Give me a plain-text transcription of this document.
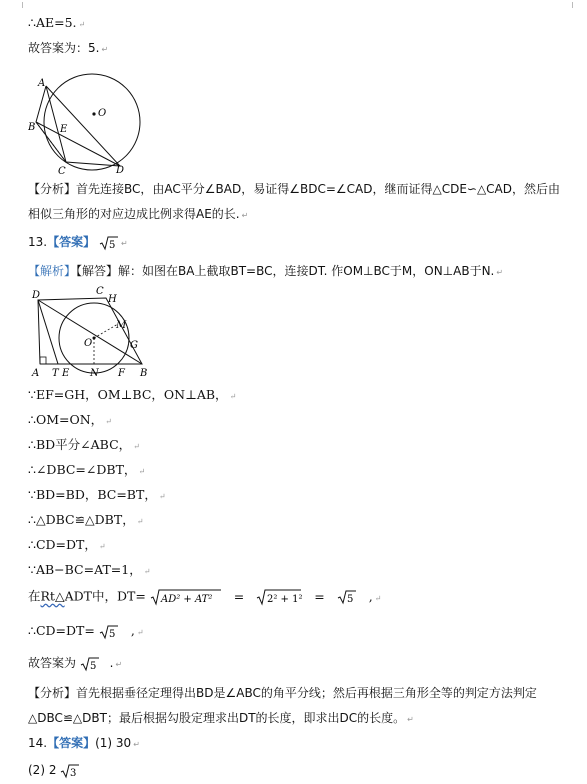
∴AE=5. ↵
故答案为：5. ↵
A
O
B E
C	D
【分析】首先连接BC，由AC平分∠BAD，易证得∠BDC=∠CAD，继而证得△CDE∽△CAD，然后由
相似三角形的对应边成比例求得AE的长. ↵
13.【答案】 5 ↵
【解析】【解答】解：如图在BA上截取BT=BC，连接DT. 作OM⊥BC于M，ON⊥AB于N. ↵
D	C
H
M
O	G
A T E N F B
∵EF=GH，OM⊥BC，ON⊥AB， ↵
∴OM=ON， ↵
∴BD平分∠ABC， ↵
∴∠DBC=∠DBT， ↵
∵BD=BD，BC=BT， ↵
∴△DBC≌△DBT， ↵
∴CD=DT， ↵
∵AB−BC=AT=1， ↵
在Rt△ADT中，DT= AD² + AT² = 2² + 1² = 5 , ↵
∴CD=DT= 5 , ↵
故答案为 5 . ↵
【分析】首先根据垂径定理得出BD是∠ABC的角平分线；然后再根据三角形全等的判定方法判定
△DBC≌△DBT；最后根据勾股定理求出DT的长度，即求出DC的长度。 ↵
14.【答案】(1) 30 ↵
(2) 2 3
